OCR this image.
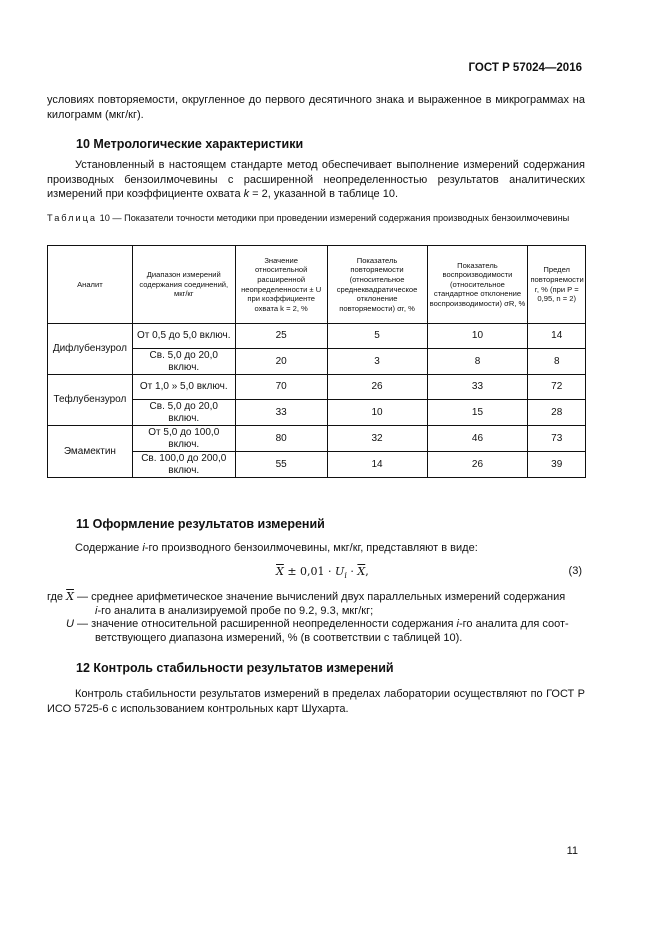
ГОСТ Р 57024—2016
условиях повторяемости, округленное до первого десятичного знака и выраженное в микрограммах на килограмм (мкг/кг).
10 Метрологические характеристики
Установленный в настоящем стандарте метод обеспечивает выполнение измерений содержания производных бензоилмочевины с расширенной неопределенностью результатов аналитических измерений при коэффициенте охвата k = 2, указанной в таблице 10.
Таблица 10 — Показатели точности методики при проведении измерений содержания производных бензоилмочевины
Аналит	Диапазон измерений содержания соединений, мкг/кг	Значение относительной расширенной неопределенности ± U при коэффициенте охвата k = 2, %	Показатель повторяемости (относительное среднеквадратическое отклонение повторяемости) σr, %	Показатель воспроизводимости (относительное стандартное отклонение воспроизводимости) σR, %	Предел повторяемости r, % (при P = 0,95, n = 2)
Дифлубензурол	От 0,5 до 5,0 включ.	25	5	10	14
	Св. 5,0 до 20,0 включ.	20	3	8	8
Тефлубензурол	От 1,0 » 5,0 включ.	70	26	33	72
	Св. 5,0 до 20,0 включ.	33	10	15	28
Эмамектин	От 5,0 до 100,0 включ.	80	32	46	73
	Св. 100,0 до 200,0 включ.	55	14	26	39
11 Оформление результатов измерений
Содержание i-го производного бензоилмочевины, мкг/кг, представляют в виде:
$\overline{X} \pm 0,01 \cdot U_i \cdot \overline{X}$,	(3)
где $\overline{X}$ — среднее арифметическое значение вычислений двух параллельных измерений содержания
i-го аналита в анализируемой пробе по 9.2, 9.3, мкг/кг;
U — значение относительной расширенной неопределенности содержания i-го аналита для соот-
ветствующего диапазона измерений, % (в соответствии с таблицей 10).
12 Контроль стабильности результатов измерений
Контроль стабильности результатов измерений в пределах лаборатории осуществляют по ГОСТ Р ИСО 5725-6 с использованием контрольных карт Шухарта.
11
